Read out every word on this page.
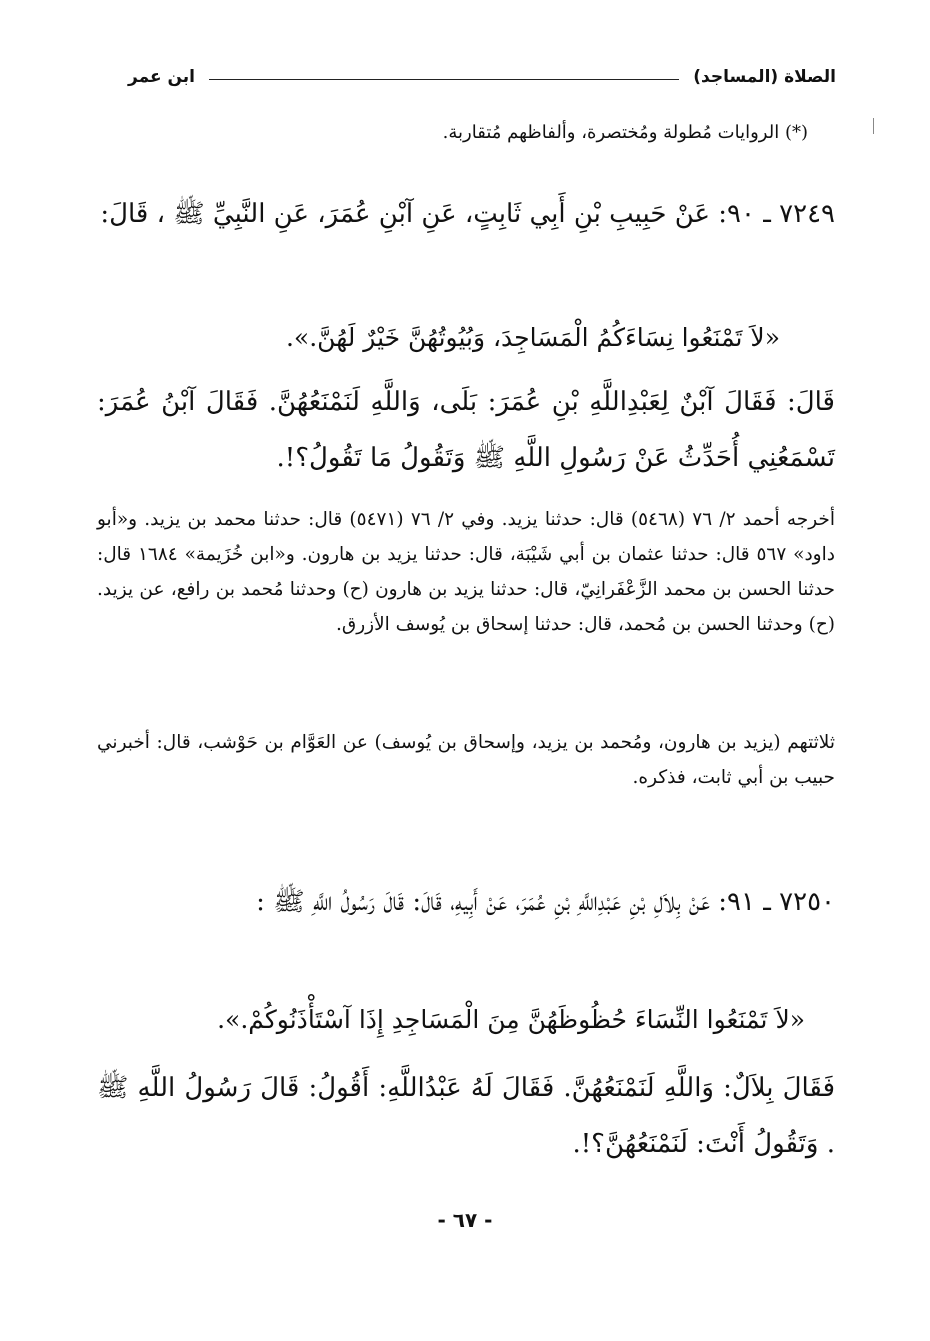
الصلاة (المساجد)
ابن عمر
(*) الروايات مُطولة ومُختصرة، وألفاظهم مُتقاربة.
٧٢٤٩ ـ ٩٠: عَنْ حَبِيبِ بْنِ أَبِي ثَابِتٍ، عَنِ آبْنِ عُمَرَ، عَنِ النَّبِيِّ ﷺ ، قَالَ:
«لاَ تَمْنَعُوا نِسَاءَكُمُ الْمَسَاجِدَ، وَبُيُوتُهُنَّ خَيْرٌ لَهُنَّ.».
قَالَ: فَقَالَ آبْنٌ لِعَبْدِاللَّهِ بْنِ عُمَرَ: بَلَى، وَاللَّهِ لَنَمْنَعُهُنَّ. فَقَالَ آبْنُ عُمَرَ: تَسْمَعُنِي أُحَدِّثُ عَنْ رَسُولِ اللَّهِ ﷺ وَتَقُولُ مَا تَقُولُ؟!.
أخرجه أحمد ٢/ ٧٦ (٥٤٦٨) قال: حدثنا يزيد. وفي ٢/ ٧٦ (٥٤٧١) قال: حدثنا محمد بن يزيد. و«أبو داود» ٥٦٧ قال: حدثنا عثمان بن أبي شَيْبَة، قال: حدثنا يزيد بن هارون. و«ابن خُزَيمة» ١٦٨٤ قال: حدثنا الحسن بن محمد الزَّعْفَرانِيّ، قال: حدثنا يزيد بن هارون (ح) وحدثنا مُحمد بن رافع، عن يزيد. (ح) وحدثنا الحسن بن مُحمد، قال: حدثنا إسحاق بن يُوسف الأزرق.
ثلاثتهم (يزيد بن هارون، ومُحمد بن يزيد، وإسحاق بن يُوسف) عن العَوَّام بن حَوْشب، قال: أخبرني حبيب بن أبي ثابت، فذكره.
٧٢٥٠ ـ ٩١: عَنْ بِلاَلِ بْنِ عَبْدِاللَّهِ بْنِ عُمَرَ، عَنْ أَبِيهِ، قَالَ: قَالَ رَسُولُ اللَّهِ ﷺ :
«لاَ تَمْنَعُوا النِّسَاءَ حُظُوظَهُنَّ مِنَ الْمَسَاجِدِ إِذَا آسْتَأْذَنُوكُمْ.».
فَقَالَ بِلاَلٌ: وَاللَّهِ لَنَمْنَعُهُنَّ. فَقَالَ لَهُ عَبْدُاللَّهِ: أَقُولُ: قَالَ رَسُولُ اللَّهِ ﷺ . وَتَقُولُ أَنْتَ: لَنَمْنَعُهُنَّ؟!.
- ٦٧ -
